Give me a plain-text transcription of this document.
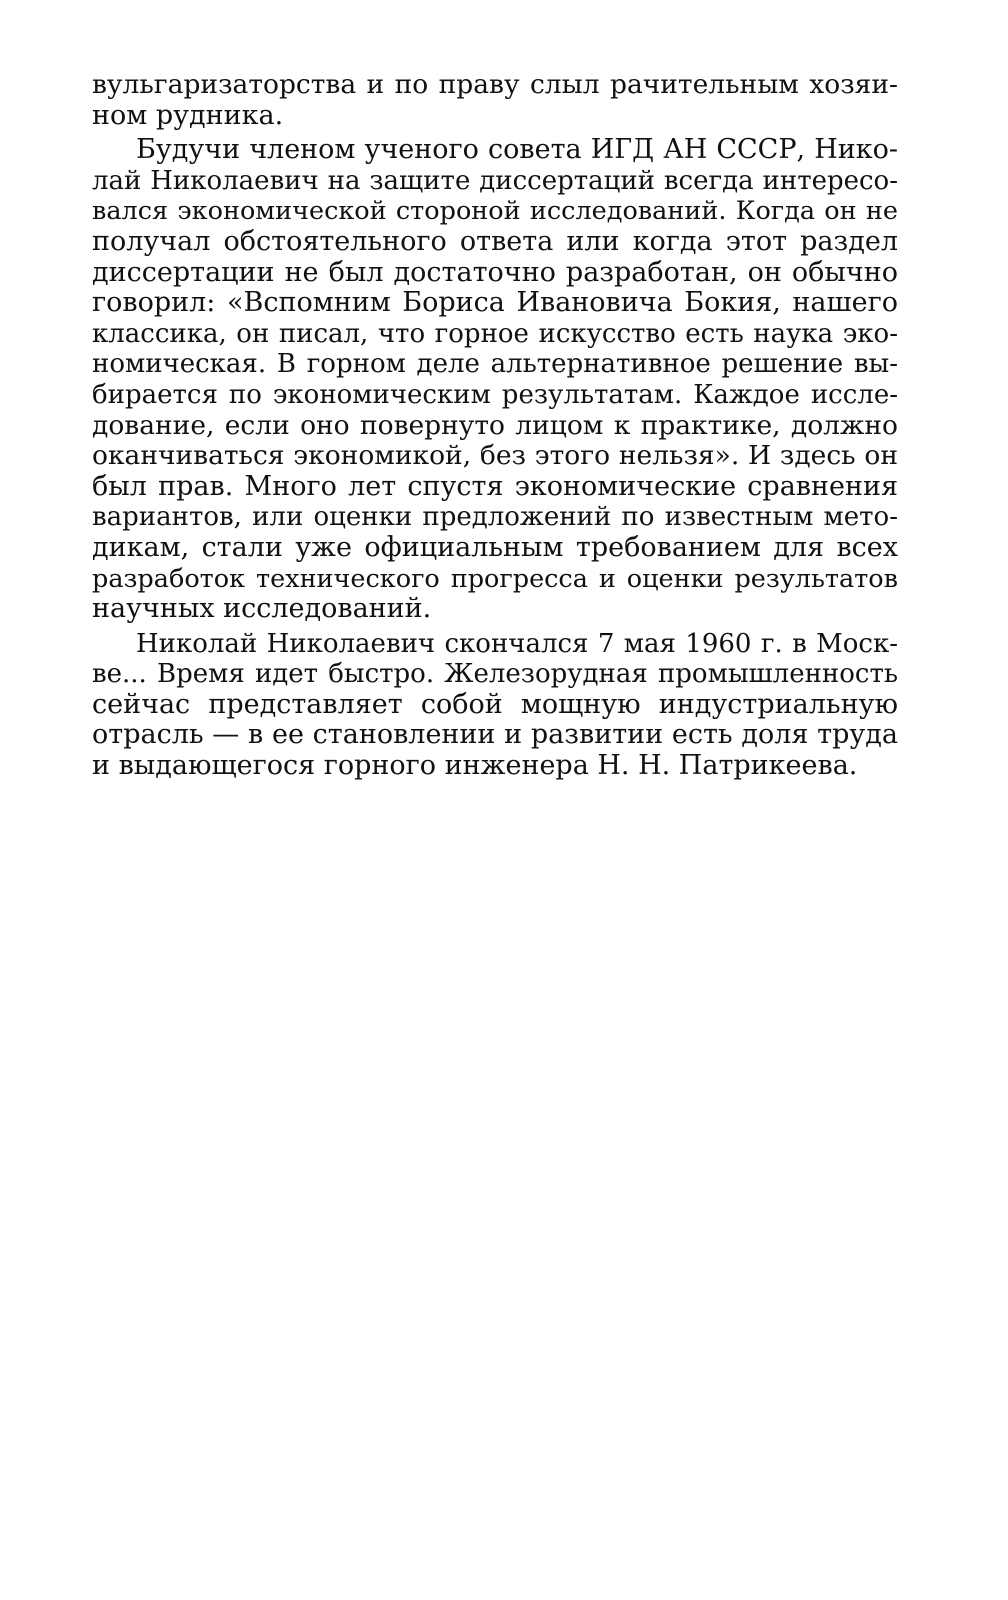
вульгаризаторства и по праву слыл рачительным хозяи-
ном рудника.
Будучи членом ученого совета ИГД АН СССР, Нико-
лай Николаевич на защите диссертаций всегда интересо-
вался экономической стороной исследований. Когда он не
получал обстоятельного ответа или когда этот раздел
диссертации не был достаточно разработан, он обычно
говорил: «Вспомним Бориса Ивановича Бокия, нашего
классика, он писал, что горное искусство есть наука эко-
номическая. В горном деле альтернативное решение вы-
бирается по экономическим результатам. Каждое иссле-
дование, если оно повернуто лицом к практике, должно
оканчиваться экономикой, без этого нельзя». И здесь он
был прав. Много лет спустя экономические сравнения
вариантов, или оценки предложений по известным мето-
дикам, стали уже официальным требованием для всех
разработок технического прогресса и оценки результатов
научных исследований.
Николай Николаевич скончался 7 мая 1960 г. в Моск-
ве... Время идет быстро. Железорудная промышленность
сейчас представляет собой мощную индустриальную
отрасль — в ее становлении и развитии есть доля труда
и выдающегося горного инженера Н. Н. Патрикеева.
